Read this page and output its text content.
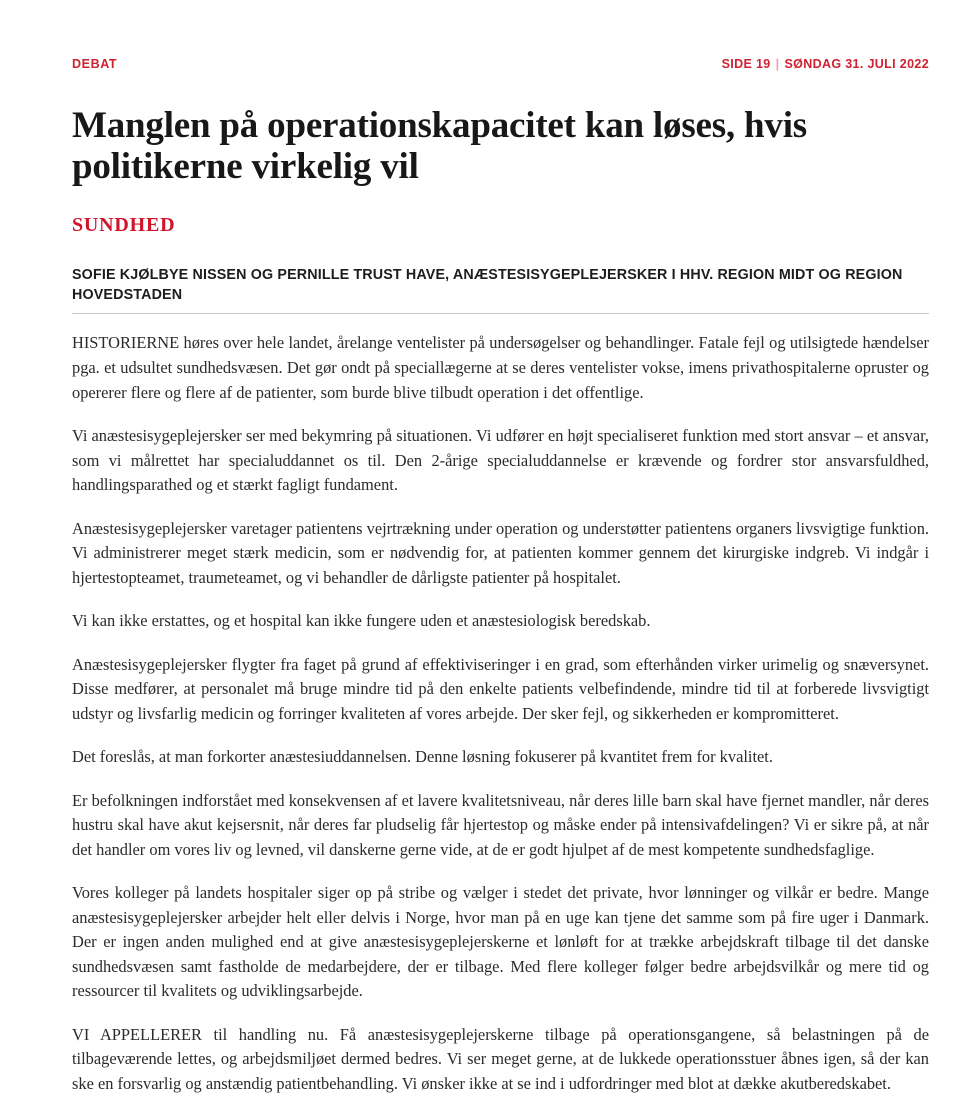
DEBAT	SIDE 19 | SØNDAG 31. JULI 2022
Manglen på operationskapacitet kan løses, hvis politikerne virkelig vil
SUNDHED
SOFIE KJØLBYE NISSEN OG PERNILLE TRUST HAVE, ANÆSTESISYGEPLEJERSKER I HHV. REGION MIDT OG REGION HOVEDSTADEN

HISTORIERNE høres over hele landet, årelange ventelister på undersøgelser og behandlinger. Fatale fejl og utilsigtede hændelser pga. et udsultet sundhedsvæsen. Det gør ondt på speciallægerne at se deres ventelister vokse, imens privathospitalerne opruster og opererer flere og flere af de patienter, som burde blive tilbudt operation i det offentlige.

Vi anæstesisygeplejersker ser med bekymring på situationen. Vi udfører en højt specialiseret funktion med stort ansvar – et ansvar, som vi målrettet har specialuddannet os til. Den 2-årige specialuddannelse er krævende og fordrer stor ansvarsfuldhed, handlingsparathed og et stærkt fagligt fundament.

Anæstesisygeplejersker varetager patientens vejrtrækning under operation og understøtter patientens organers livsvigtige funktion. Vi administrerer meget stærk medicin, som er nødvendig for, at patienten kommer gennem det kirurgiske indgreb. Vi indgår i hjertestopteamet, traumeteamet, og vi behandler de dårligste patienter på hospitalet.

Vi kan ikke erstattes, og et hospital kan ikke fungere uden et anæstesiologisk beredskab.

Anæstesisygeplejersker flygter fra faget på grund af effektiviseringer i en grad, som efterhånden virker urimelig og snæversynet. Disse medfører, at personalet må bruge mindre tid på den enkelte patients velbefindende, mindre tid til at forberede livsvigtigt udstyr og livsfarlig medicin og forringer kvaliteten af vores arbejde. Der sker fejl, og sikkerheden er kompromitteret.

Det foreslås, at man forkorter anæstesiuddannelsen. Denne løsning fokuserer på kvantitet frem for kvalitet.

Er befolkningen indforstået med konsekvensen af et lavere kvalitetsniveau, når deres lille barn skal have fjernet mandler, når deres hustru skal have akut kejsersnit, når deres far pludselig får hjertestop og måske ender på intensivafdelingen? Vi er sikre på, at når det handler om vores liv og levned, vil danskerne gerne vide, at de er godt hjulpet af de mest kompetente sundhedsfaglige.

Vores kolleger på landets hospitaler siger op på stribe og vælger i stedet det private, hvor lønninger og vilkår er bedre. Mange anæstesisygeplejersker arbejder helt eller delvis i Norge, hvor man på en uge kan tjene det samme som på fire uger i Danmark. Der er ingen anden mulighed end at give anæstesisygeplejerskerne et lønløft for at trække arbejdskraft tilbage til det danske sundhedsvæsen samt fastholde de medarbejdere, der er tilbage. Med flere kolleger følger bedre arbejdsvilkår og mere tid og ressourcer til kvalitets og udviklingsarbejde.

VI APPELLERER til handling nu. Få anæstesisygeplejerskerne tilbage på operationsgangene, så belastningen på de tilbageværende lettes, og arbejdsmiljøet dermed bedres. Vi ser meget gerne, at de lukkede operationsstuer åbnes igen, så der kan ske en forsvarlig og anstændig patientbehandling. Vi ønsker ikke at se ind i udfordringer med blot at dække akutberedskabet.
